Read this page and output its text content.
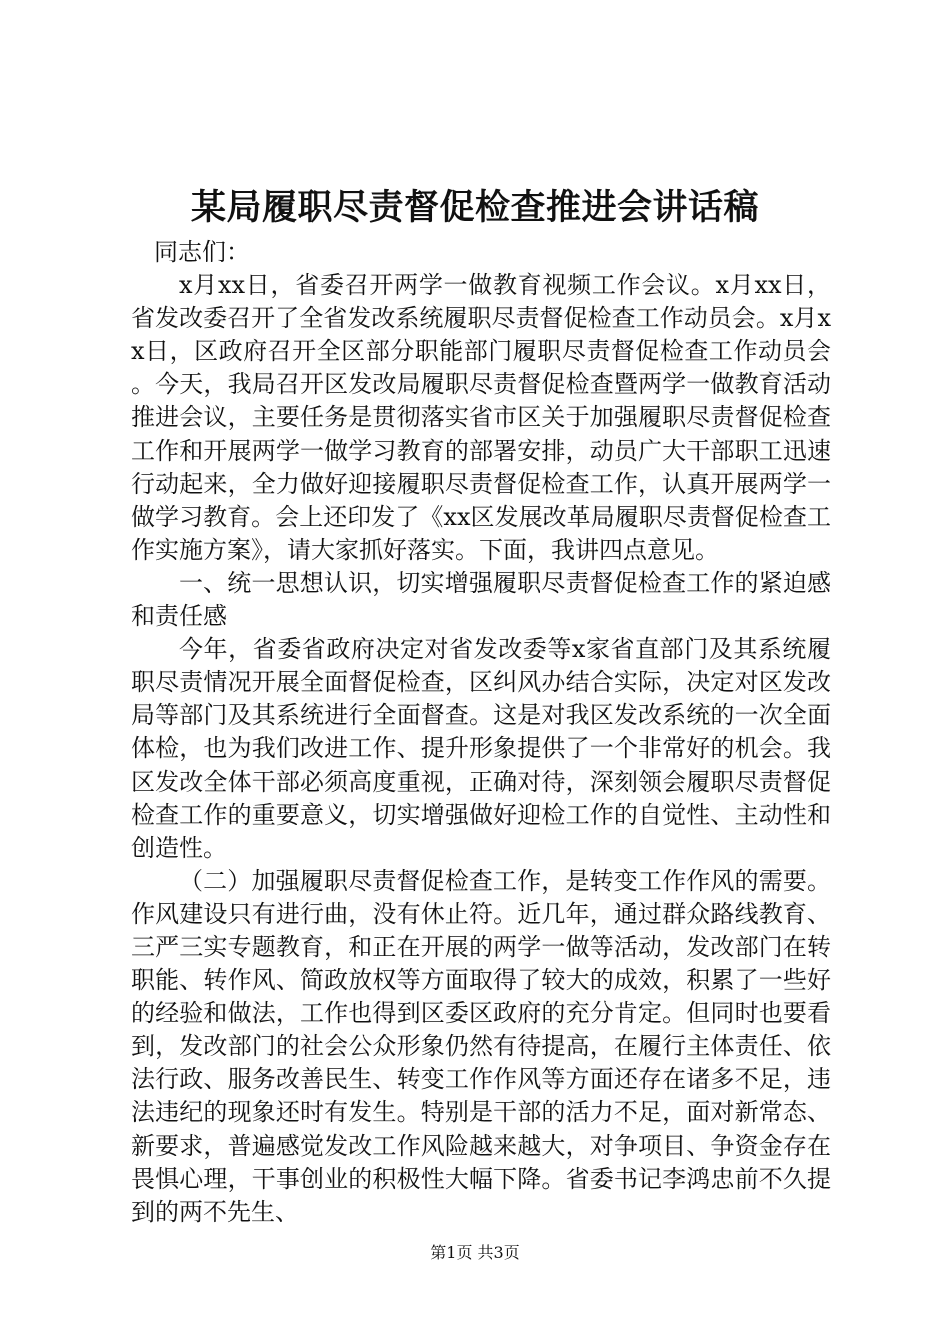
某局履职尽责督促检查推进会讲话稿

同志们：

x月xx日，省委召开两学一做教育视频工作会议。x月xx日，省发改委召开了全省发改系统履职尽责督促检查工作动员会。x月xx日，区政府召开全区部分职能部门履职尽责督促检查工作动员会。今天，我局召开区发改局履职尽责督促检查暨两学一做教育活动推进会议，主要任务是贯彻落实省市区关于加强履职尽责督促检查工作和开展两学一做学习教育的部署安排，动员广大干部职工迅速行动起来，全力做好迎接履职尽责督促检查工作，认真开展两学一做学习教育。会上还印发了《xx区发展改革局履职尽责督促检查工作实施方案》，请大家抓好落实。下面，我讲四点意见。

一、统一思想认识，切实增强履职尽责督促检查工作的紧迫感和责任感

今年，省委省政府决定对省发改委等x家省直部门及其系统履职尽责情况开展全面督促检查，区纠风办结合实际，决定对区发改局等部门及其系统进行全面督查。这是对我区发改系统的一次全面体检，也为我们改进工作、提升形象提供了一个非常好的机会。我区发改全体干部必须高度重视，正确对待，深刻领会履职尽责督促检查工作的重要意义，切实增强做好迎检工作的自觉性、主动性和创造性。

（二）加强履职尽责督促检查工作，是转变工作作风的需要。作风建设只有进行曲，没有休止符。近几年，通过群众路线教育、三严三实专题教育，和正在开展的两学一做等活动，发改部门在转职能、转作风、简政放权等方面取得了较大的成效，积累了一些好的经验和做法，工作也得到区委区政府的充分肯定。但同时也要看到，发改部门的社会公众形象仍然有待提高，在履行主体责任、依法行政、服务改善民生、转变工作作风等方面还存在诸多不足，违法违纪的现象还时有发生。特别是干部的活力不足，面对新常态、新要求，普遍感觉发改工作风险越来越大，对争项目、争资金存在畏惧心理，干事创业的积极性大幅下降。省委书记李鸿忠前不久提到的两不先生、

第1页 共3页
